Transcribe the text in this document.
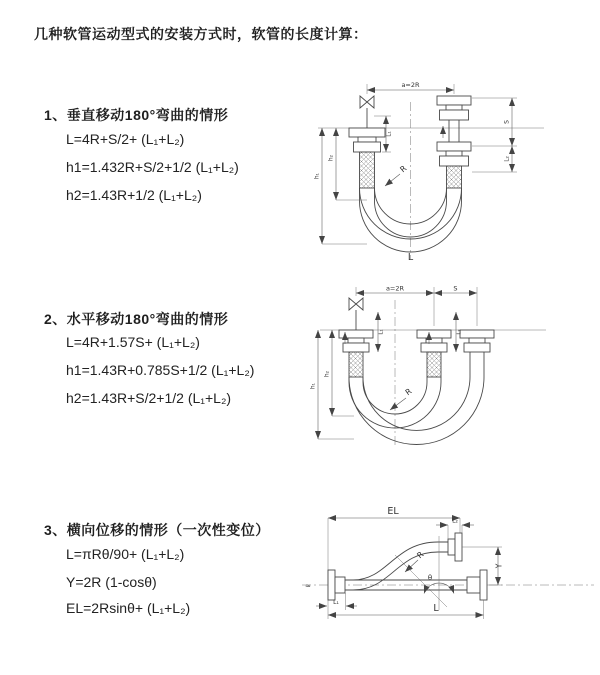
几种软管运动型式的安装方式时，软管的长度计算：
1、垂直移动180°弯曲的情形
L=4R+S/2+ (L₁+L₂)
h1=1.432R+S/2+1/2 (L₁+L₂)
h2=1.43R+1/2 (L₁+L₂)
2、水平移动180°弯曲的情形
L=4R+1.57S+ (L₁+L₂)
h1=1.43R+0.785S+1/2 (L₁+L₂)
h2=1.43R+S/2+1/2 (L₁+L₂)
3、横向位移的情形（一次性变位）
L=πRθ/90+ (L₁+L₂)
Y=2R (1-cosθ)
EL=2Rsinθ+ (L₁+L₂)
a=2R
L₁
S
L₂
h₁
h₂
R
L
a=2R	S
h₁
h₂
L₁	L₂
R
≈
EL
L₂
L₁
L
Y
R
θ
